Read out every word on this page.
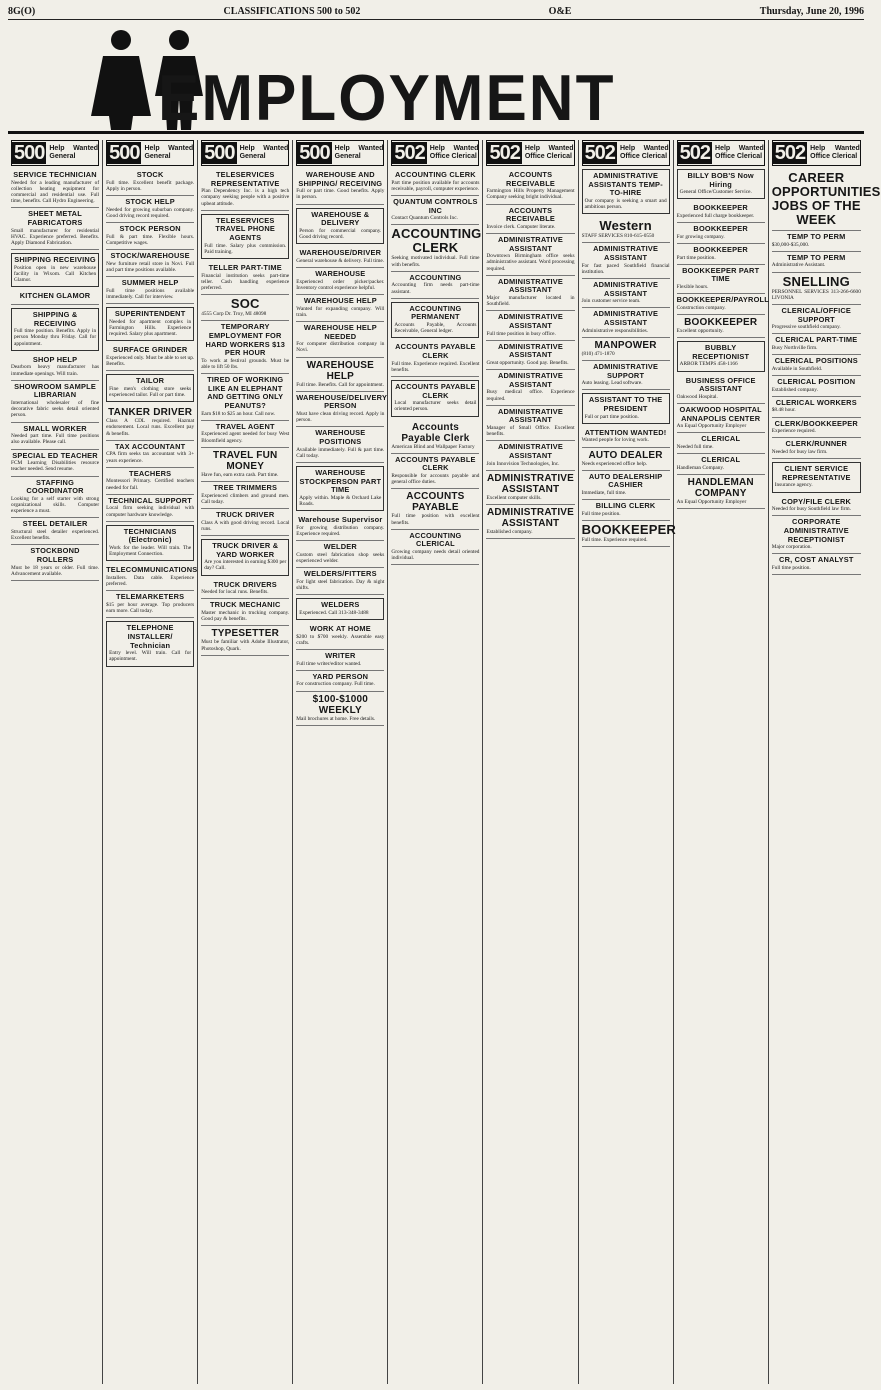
8G(O)	CLASSIFICATIONS 500 to 502	O&E	Thursday, June 20, 1996
EMPLOYMENT
500 Help Wanted General
SERVICE TECHNICIAN
Needed for a leading manufacturer of collection heating equipment for commercial and residential use. Full time, benefits. Call Hydro Engineering.
SHEET METAL FABRICATORS
Small manufacturer for residential HVAC. Experience preferred. Benefits. Apply Diamond Fabrication.
SHIPPING RECEIVING
Position open in new warehouse facility in Wixom. Call Kitchen Glamor.
KITCHEN GLAMOR
SHIPPING & RECEIVING
Full time position. Benefits. Apply in person Monday thru Friday. Call for appointment.
SHOP HELP
Dearborn heavy manufacturer has immediate openings. Will train.
SHOWROOM SAMPLE LIBRARIAN
International wholesaler of fine decorative fabric seeks detail oriented person.
SMALL WORKER
Needed part time. Full time positions also available. Please call.
SPECIAL ED TEACHER
FCM Learning Disabilities resource teacher needed. Send resume.
STAFFING COORDINATOR
Looking for a self starter with strong organizational skills. Computer experience a must.
STEEL DETAILER
Structural steel detailer experienced. Excellent benefits.
STOCKBOND ROLLERS
Must be 18 years or older. Full time. Advancement available.
500 Help Wanted General
STOCK
Full time. Excellent benefit package. Apply in person.
STOCK HELP
Needed for growing suburban company. Good driving record required.
STOCK PERSON
Full & part time. Flexible hours. Competitive wages.
STOCK/WAREHOUSE
New furniture retail store in Novi. Full and part time positions available.
SUMMER HELP
Full time positions available immediately. Call for interview.
SUPERINTENDENT
Needed for apartment complex in Farmington Hills. Experience required. Salary plus apartment.
SURFACE GRINDER
Experienced only. Must be able to set up. Benefits.
TAILOR
Fine men's clothing store seeks experienced tailor. Full or part time.
TANKER DRIVER
Class A CDL required. Hazmat endorsement. Local runs. Excellent pay & benefits.
TAX ACCOUNTANT
CPA firm seeks tax accountant with 3+ years experience.
TEACHERS
Montessori Primary. Certified teachers needed for fall.
TECHNICAL SUPPORT
Local firm seeking individual with computer hardware knowledge.
TECHNICIANS (Electronic)
Work for the leader. Will train. The Employment Connection.
TELECOMMUNICATIONS
Installers. Data cable. Experience preferred.
TELEMARKETERS
$15 per hour average. Top producers earn more. Call today.
TELEPHONE INSTALLER/ Technician
Entry level. Will train. Call for appointment.
500 Help Wanted General
TELESERVICES REPRESENTATIVE
Plan Dependency Inc. is a high tech company seeking people with a positive upbeat attitude.
TELESERVICES TRAVEL PHONE AGENTS
Full time. Salary plus commission. Paid training.
TELLER PART-TIME
Financial institution seeks part-time teller. Cash handling experience preferred.
SOC
4555 Corp Dr. Troy, MI 48098
TEMPORARY EMPLOYMENT FOR HARD WORKERS $13 PER HOUR
To work at festival grounds. Must be able to lift 50 lbs.
TIRED OF WORKING LIKE AN ELEPHANT AND GETTING ONLY PEANUTS?
Earn $18 to $25 an hour. Call now.
TRAVEL AGENT
Experienced agent needed for busy West Bloomfield agency.
TRAVEL FUN MONEY
Have fun, earn extra cash. Part time.
TREE TRIMMERS
Experienced climbers and ground men. Call today.
TRUCK DRIVER
Class A with good driving record. Local runs.
TRUCK DRIVER & YARD WORKER
Are you interested in earning $300 per day? Call.
TRUCK DRIVERS
Needed for local runs. Benefits.
TRUCK MECHANIC
Master mechanic in trucking company. Good pay & benefits.
TYPESETTER
Must be familiar with Adobe Illustrator, Photoshop, Quark.
500 Help Wanted General
WAREHOUSE AND SHIPPING/ RECEIVING
Full or part time. Good benefits. Apply in person.
WAREHOUSE & DELIVERY
Person for commercial company. Good driving record.
WAREHOUSE/DRIVER
General warehouse & delivery. Full time.
WAREHOUSE
Experienced order picker/packer. Inventory control experience helpful.
WAREHOUSE HELP
Wanted for expanding company. Will train.
WAREHOUSE HELP NEEDED
For computer distribution company in Novi.
WAREHOUSE HELP
Full time. Benefits. Call for appointment.
WAREHOUSE/DELIVERY PERSON
Must have clean driving record. Apply in person.
WAREHOUSE POSITIONS
Available immediately. Full & part time. Call today.
WAREHOUSE STOCKPERSON PART TIME
Apply within. Maple & Orchard Lake Roads.
Warehouse Supervisor
For growing distribution company. Experience required.
WELDER
Custom steel fabrication shop seeks experienced welder.
WELDERS/FITTERS
For light steel fabrication. Day & night shifts.
WELDERS
Experienced. Call 313-348-3488
WORK AT HOME
$200 to $700 weekly. Assemble easy crafts.
WRITER
Full time writer/editor wanted.
YARD PERSON
For construction company. Full time.
$100-$1000 WEEKLY
Mail brochures at home. Free details.
502 Help Wanted Office Clerical
ACCOUNTING CLERK
Part time position available for accounts receivable, payroll, computer experience.
QUANTUM CONTROLS INC
Contact Quantum Controls Inc.
ACCOUNTING CLERK
Seeking motivated individual. Full time with benefits.
ACCOUNTING
Accounting firm needs part-time assistant.
ACCOUNTING PERMANENT
Accounts Payable, Accounts Receivable, General ledger.
ACCOUNTS PAYABLE CLERK
Full time. Experience required. Excellent benefits.
ACCOUNTS PAYABLE CLERK
Local manufacturer seeks detail oriented person.
Accounts Payable Clerk
American Blind and Wallpaper Factory
ACCOUNTS PAYABLE CLERK
Responsible for accounts payable and general office duties.
ACCOUNTS PAYABLE
Full time position with excellent benefits.
ACCOUNTING CLERICAL
Growing company needs detail oriented individual.
502 Help Wanted Office Clerical
ACCOUNTS RECEIVABLE
Farmington Hills Property Management Company seeking bright individual.
ACCOUNTS RECEIVABLE
Invoice clerk. Computer literate.
ADMINISTRATIVE ASSISTANT
Downtown Birmingham office seeks administrative assistant. Word processing required.
ADMINISTRATIVE ASSISTANT
Major manufacturer located in Southfield.
ADMINISTRATIVE ASSISTANT
Full time position in busy office.
ADMINISTRATIVE ASSISTANT
Great opportunity. Good pay. Benefits.
ADMINISTRATIVE ASSISTANT
Busy medical office. Experience required.
ADMINISTRATIVE ASSISTANT
Manager of Small Office. Excellent benefits.
ADMINISTRATIVE ASSISTANT
Join Innovision Technologies, Inc.
ADMINISTRATIVE ASSISTANT
Excellent computer skills.
ADMINISTRATIVE ASSISTANT
Established company.
502 Help Wanted Office Clerical
ADMINISTRATIVE ASSISTANTS TEMP-TO-HIRE
Our company is seeking a smart and ambitious person.
Western
STAFF SERVICES 810-615-0550
ADMINISTRATIVE ASSISTANT
For fast paced Southfield financial institution.
ADMINISTRATIVE ASSISTANT
Join customer service team.
ADMINISTRATIVE ASSISTANT
Administrative responsibilities.
MANPOWER
(810) 471-1870
ADMINISTRATIVE SUPPORT
Auto leasing. Lead software.
ASSISTANT TO THE PRESIDENT
Full or part time position.
ATTENTION WANTED!
Wanted people for loving work.
AUTO DEALER
Needs experienced office help.
AUTO DEALERSHIP CASHIER
Immediate, full time.
BILLING CLERK
Full time position.
BOOKKEEPER
Full time. Experience required.
502 Help Wanted Office Clerical
BILLY BOB'S Now Hiring
General Office/Customer Service.
BOOKKEEPER
Experienced full charge bookkeeper.
BOOKKEEPER
For growing company.
BOOKKEEPER
Part time position.
BOOKKEEPER PART TIME
Flexible hours.
BOOKKEEPER/PAYROLL
Construction company.
BOOKKEEPER
Excellent opportunity.
BUBBLY RECEPTIONIST
ARBOR TEMPS 458-1166
BUSINESS OFFICE ASSISTANT
Oakwood Hospital.
OAKWOOD HOSPITAL ANNAPOLIS CENTER
An Equal Opportunity Employer
CLERICAL
Needed full time.
CLERICAL
Handleman Company.
HANDLEMAN COMPANY
An Equal Opportunity Employer
502 Help Wanted Office Clerical
CAREER OPPORTUNITIES JOBS OF THE WEEK
TEMP TO PERM
$30,000-$35,000.
TEMP TO PERM
Administrative Assistant.
SNELLING
PERSONNEL SERVICES 313-266-6600 LIVONIA
CLERICAL/OFFICE SUPPORT
Progressive southfield company.
CLERICAL PART-TIME
Busy Northville firm.
CLERICAL POSITIONS
Available in Southfield.
CLERICAL POSITION
Established company.
CLERICAL WORKERS
$8.48 hour.
CLERK/BOOKKEEPER
Experience required.
CLERK/RUNNER
Needed for busy law firm.
CLIENT SERVICE REPRESENTATIVE
Insurance agency.
COPY/FILE CLERK
Needed for busy Southfield law firm.
CORPORATE ADMINISTRATIVE RECEPTIONIST
Major corporation.
CR, COST ANALYST
Full time position.
